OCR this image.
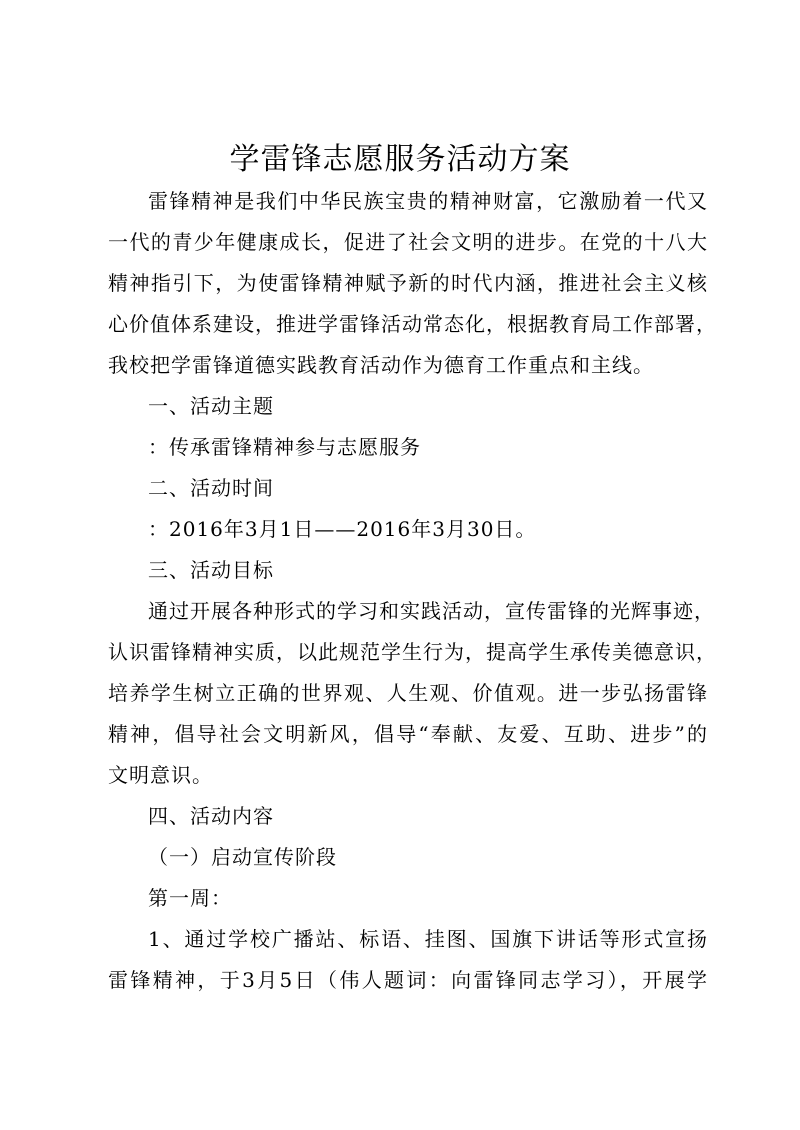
学雷锋志愿服务活动方案
雷锋精神是我们中华民族宝贵的精神财富，它激励着一代又
一代的青少年健康成长，促进了社会文明的进步。在党的十八大
精神指引下，为使雷锋精神赋予新的时代内涵，推进社会主义核
心价值体系建设，推进学雷锋活动常态化，根据教育局工作部署，
我校把学雷锋道德实践教育活动作为德育工作重点和主线。
一、活动主题
：传承雷锋精神参与志愿服务
二、活动时间
：2016年3月1日——2016年3月30日。
三、活动目标
通过开展各种形式的学习和实践活动，宣传雷锋的光辉事迹，
认识雷锋精神实质，以此规范学生行为，提高学生承传美德意识，
培养学生树立正确的世界观、人生观、价值观。进一步弘扬雷锋
精神，倡导社会文明新风，倡导“奉献、友爱、互助、进步”的
文明意识。
四、活动内容
（一）启动宣传阶段
第一周：
1、通过学校广播站、标语、挂图、国旗下讲话等形式宣扬
雷锋精神，于3月5日（伟人题词：向雷锋同志学习），开展学
